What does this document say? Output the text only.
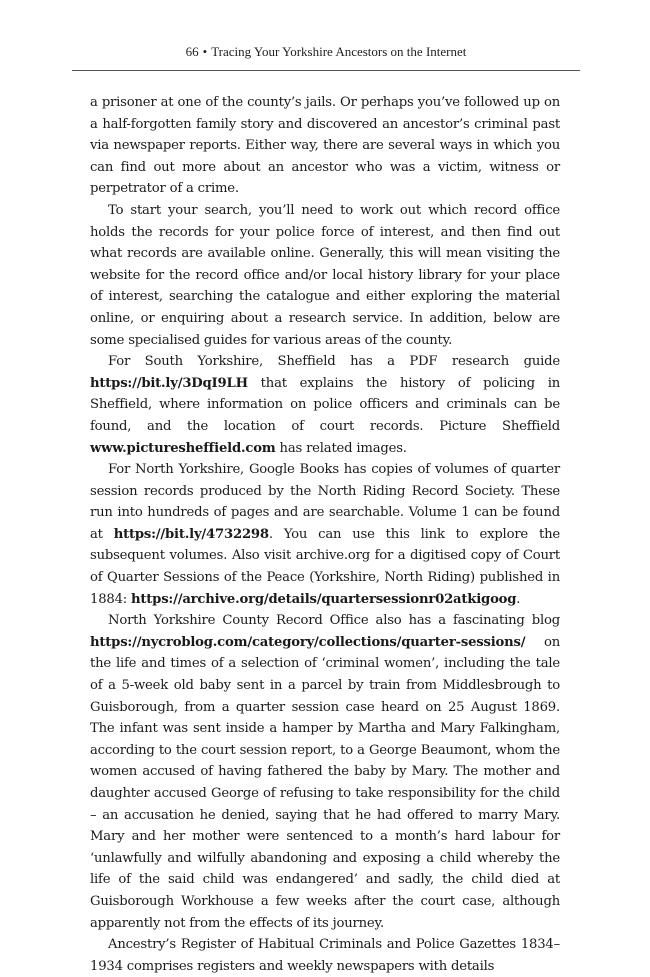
66 • Tracing Your Yorkshire Ancestors on the Internet

a prisoner at one of the county’s jails. Or perhaps you’ve followed up on a half-forgotten family story and discovered an ancestor’s criminal past via newspaper reports. Either way, there are several ways in which you can find out more about an ancestor who was a victim, witness or perpetrator of a crime.

To start your search, you’ll need to work out which record office holds the records for your police force of interest, and then find out what records are available online. Generally, this will mean visiting the website for the record office and/or local history library for your place of interest, searching the catalogue and either exploring the material online, or enquiring about a research service. In addition, below are some specialised guides for various areas of the county.

For South Yorkshire, Sheffield has a PDF research guide https://bit.ly/3DqI9LH that explains the history of policing in Sheffield, where information on police officers and criminals can be found, and the location of court records. Picture Sheffield www.picturesheffield.com has related images.

For North Yorkshire, Google Books has copies of volumes of quarter session records produced by the North Riding Record Society. These run into hundreds of pages and are searchable. Volume 1 can be found at https://bit.ly/4732298. You can use this link to explore the subsequent volumes. Also visit archive.org for a digitised copy of Court of Quarter Sessions of the Peace (Yorkshire, North Riding) published in 1884: https://archive.org/details/quartersessionr02atkigoog.

North Yorkshire County Record Office also has a fascinating blog https://nycroblog.com/category/collections/quarter-sessions/ on the life and times of a selection of ‘criminal women’, including the tale of a 5-week old baby sent in a parcel by train from Middlesbrough to Guisborough, from a quarter session case heard on 25 August 1869. The infant was sent inside a hamper by Martha and Mary Falkingham, according to the court session report, to a George Beaumont, whom the women accused of having fathered the baby by Mary. The mother and daughter accused George of refusing to take responsibility for the child – an accusation he denied, saying that he had offered to marry Mary. Mary and her mother were sentenced to a month’s hard labour for ‘unlawfully and wilfully abandoning and exposing a child whereby the life of the said child was endangered’ and sadly, the child died at Guisborough Workhouse a few weeks after the court case, although apparently not from the effects of its journey.

Ancestry’s Register of Habitual Criminals and Police Gazettes 1834–1934 comprises registers and weekly newspapers with details
